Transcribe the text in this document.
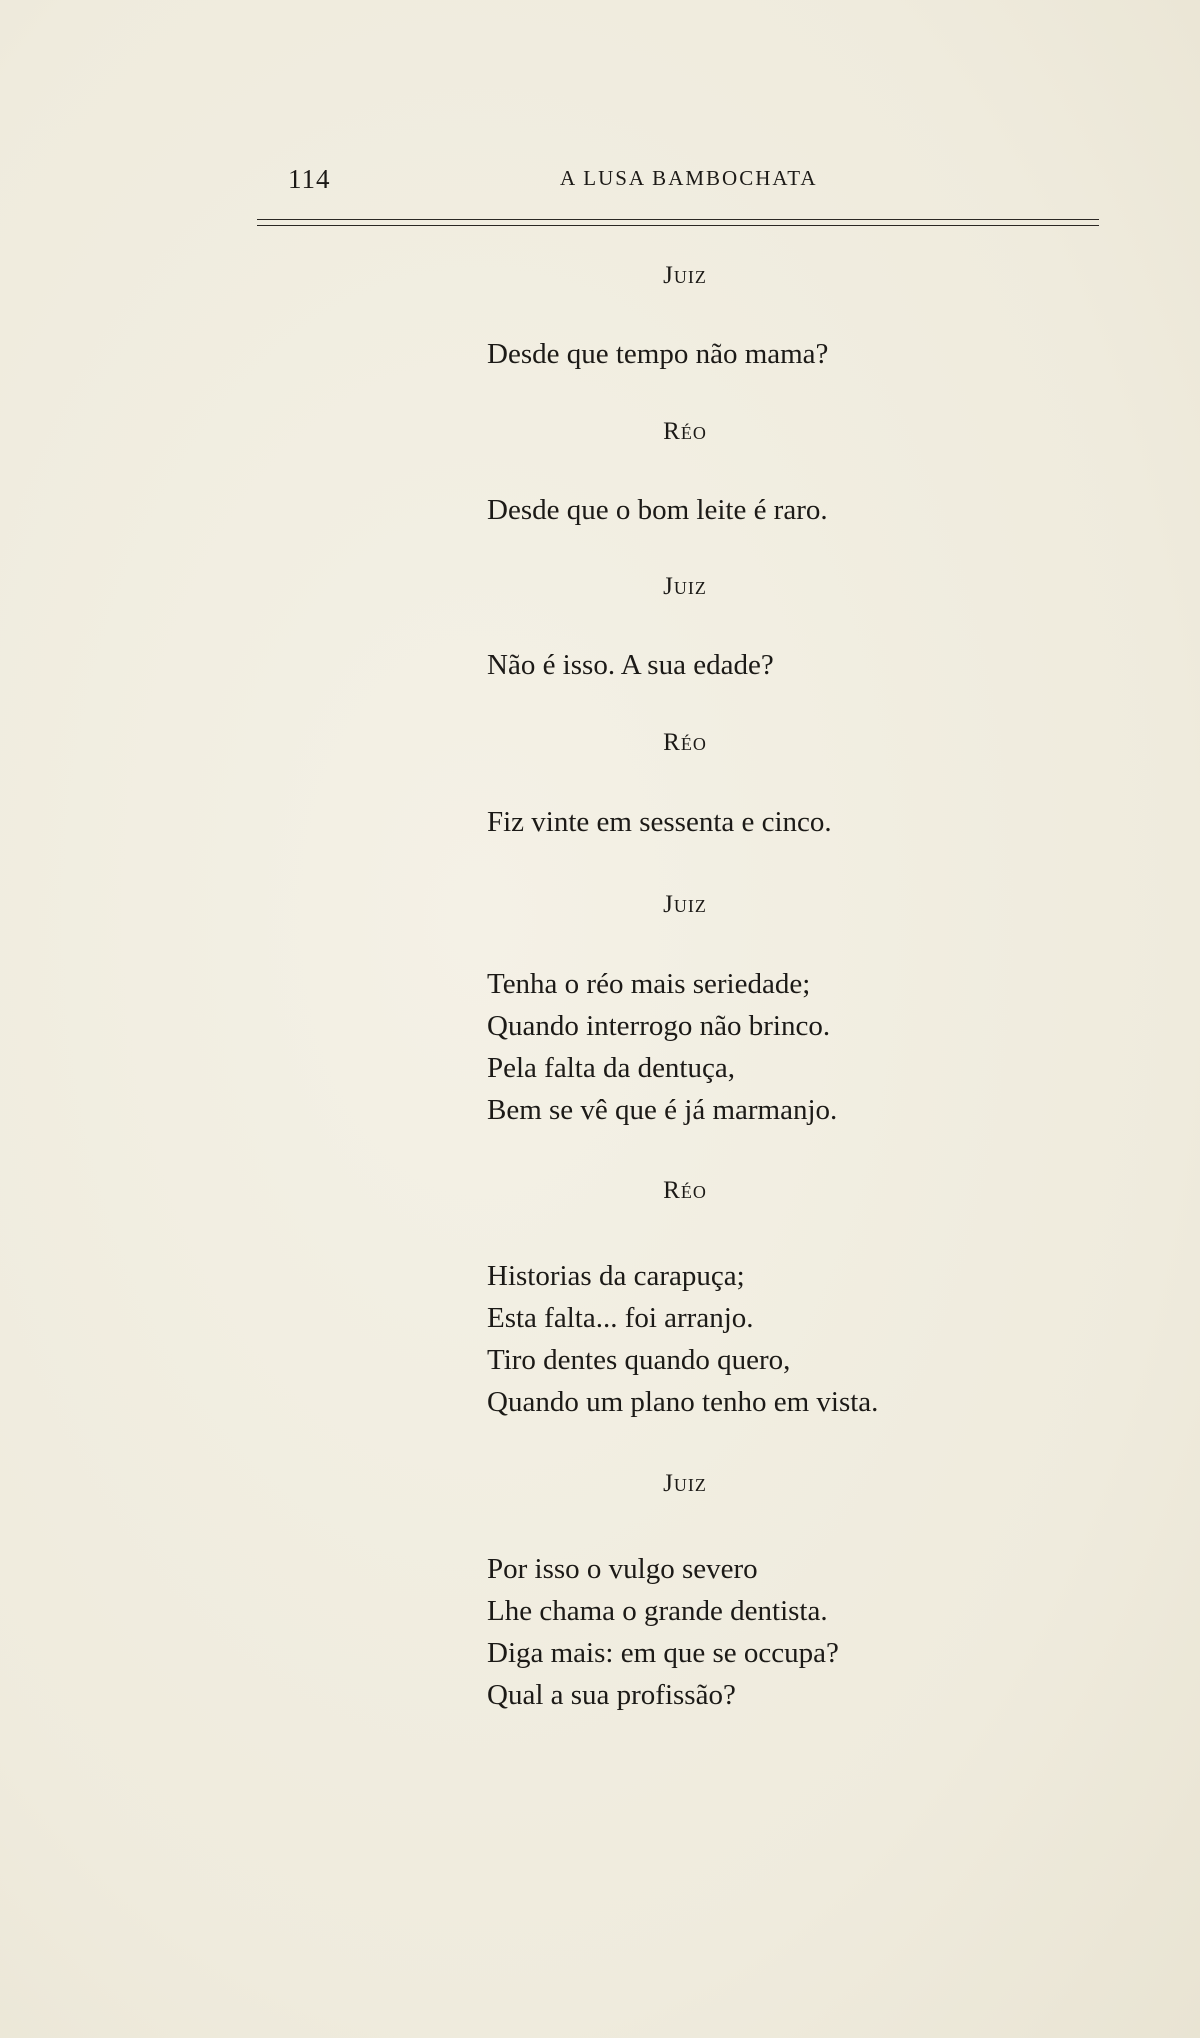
114	A LUSA BAMBOCHATA
Juiz
Desde que tempo não mama?
Réo
Desde que o bom leite é raro.
Juiz
Não é isso. A sua edade?
Réo
Fiz vinte em sessenta e cinco.
Juiz
Tenha o réo mais seriedade;
Quando interrogo não brinco.
Pela falta da dentuça,
Bem se vê que é já marmanjo.
Réo
Historias da carapuça;
Esta falta... foi arranjo.
Tiro dentes quando quero,
Quando um plano tenho em vista.
Juiz
Por isso o vulgo severo
Lhe chama o grande dentista.
Diga mais: em que se occupa?
Qual a sua profissão?
